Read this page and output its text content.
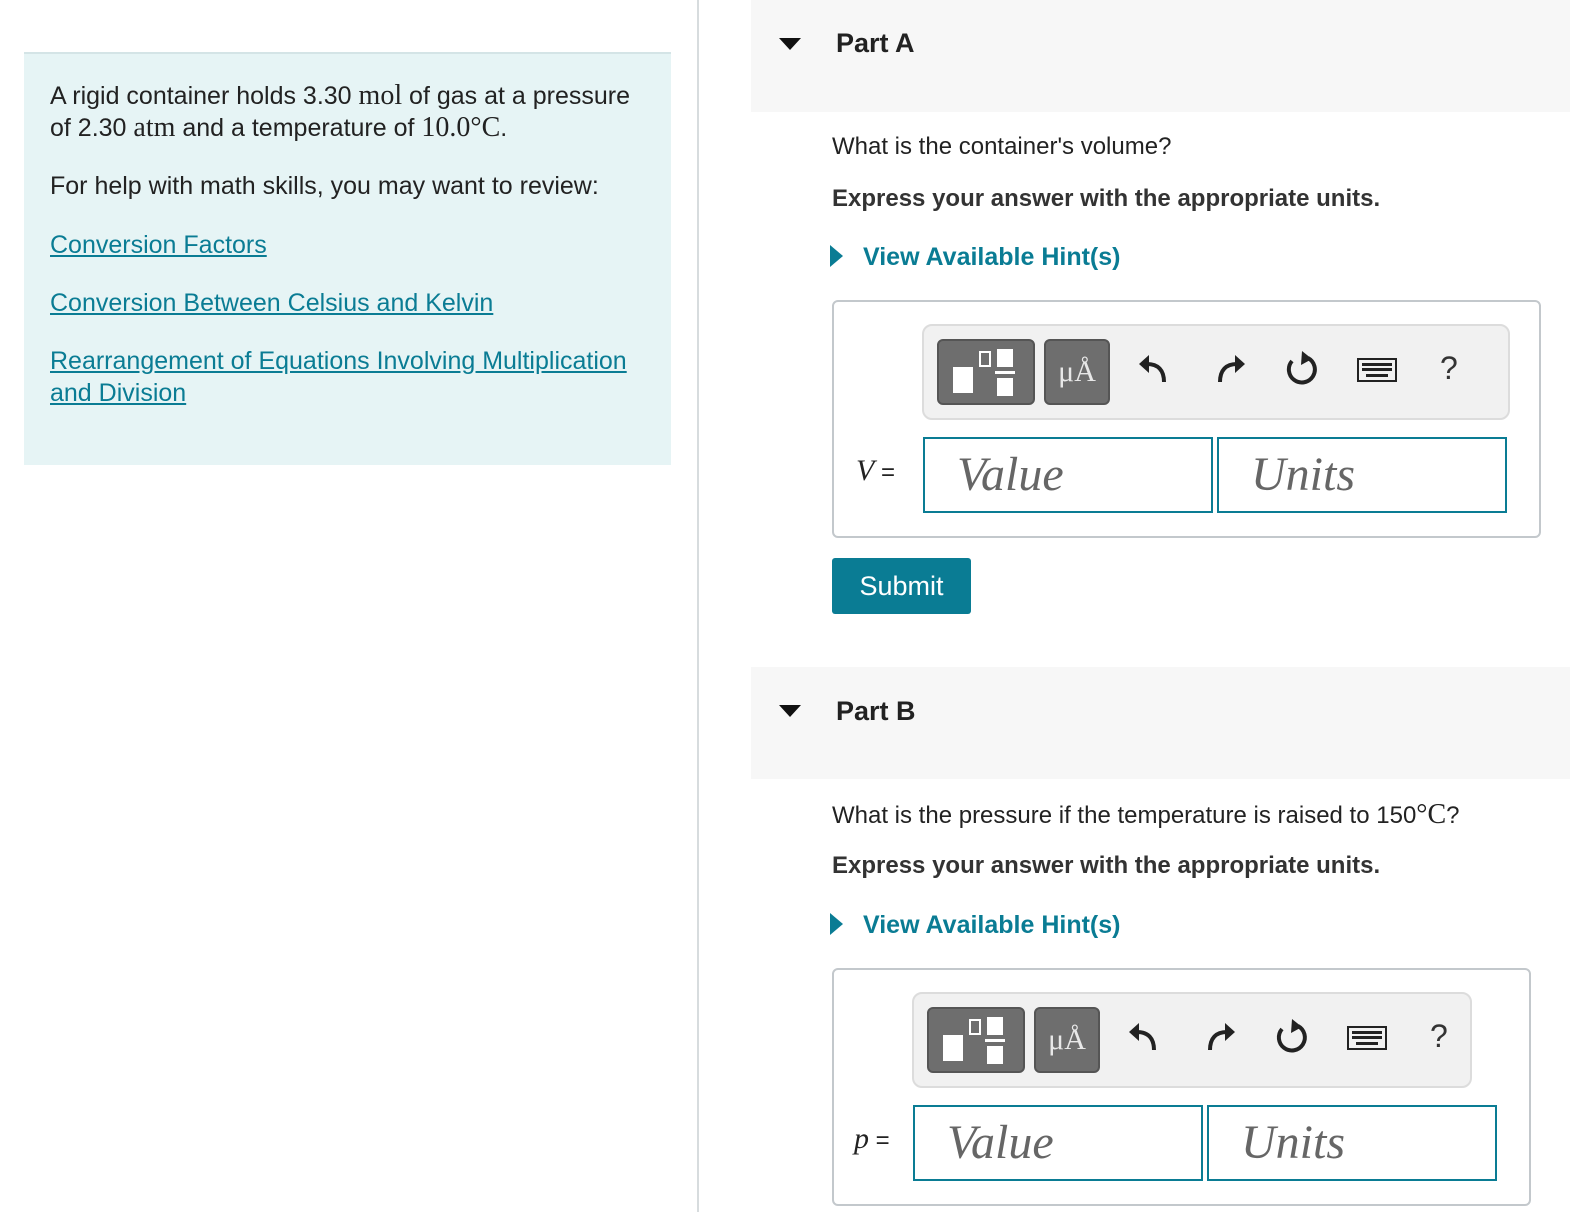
A rigid container holds 3.30 mol of gas at a pressure of 2.30 atm and a temperature of 10.0°C.

For help with math skills, you may want to review:

Conversion Factors
Conversion Between Celsius and Kelvin
Rearrangement of Equations Involving Multiplication and Division
Part A
What is the container's volume?
Express your answer with the appropriate units.
View Available Hint(s)
μÅ	?
V =	Value	Units
Submit
Part B
What is the pressure if the temperature is raised to 150°C?
Express your answer with the appropriate units.
View Available Hint(s)
μÅ	?
p =	Value	Units
